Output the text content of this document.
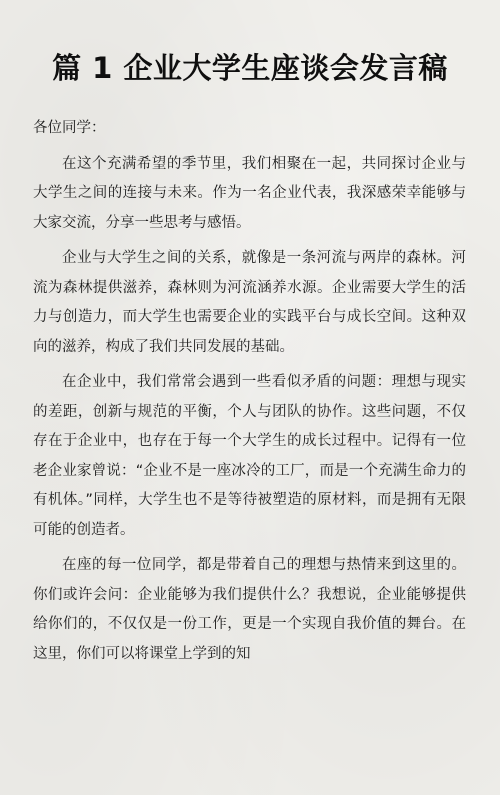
篇 1 企业大学生座谈会发言稿
各位同学：

在这个充满希望的季节里，我们相聚在一起，共同探讨企业与大学生之间的连接与未来。作为一名企业代表，我深感荣幸能够与大家交流，分享一些思考与感悟。

企业与大学生之间的关系，就像是一条河流与两岸的森林。河流为森林提供滋养，森林则为河流涵养水源。企业需要大学生的活力与创造力，而大学生也需要企业的实践平台与成长空间。这种双向的滋养，构成了我们共同发展的基础。

在企业中，我们常常会遇到一些看似矛盾的问题：理想与现实的差距，创新与规范的平衡，个人与团队的协作。这些问题，不仅存在于企业中，也存在于每一个大学生的成长过程中。记得有一位老企业家曾说：“企业不是一座冰冷的工厂，而是一个充满生命力的有机体。”同样，大学生也不是等待被塑造的原材料，而是拥有无限可能的创造者。

在座的每一位同学，都是带着自己的理想与热情来到这里的。你们或许会问：企业能够为我们提供什么？我想说，企业能够提供给你们的，不仅仅是一份工作，更是一个实现自我价值的舞台。在这里，你们可以将课堂上学到的知
